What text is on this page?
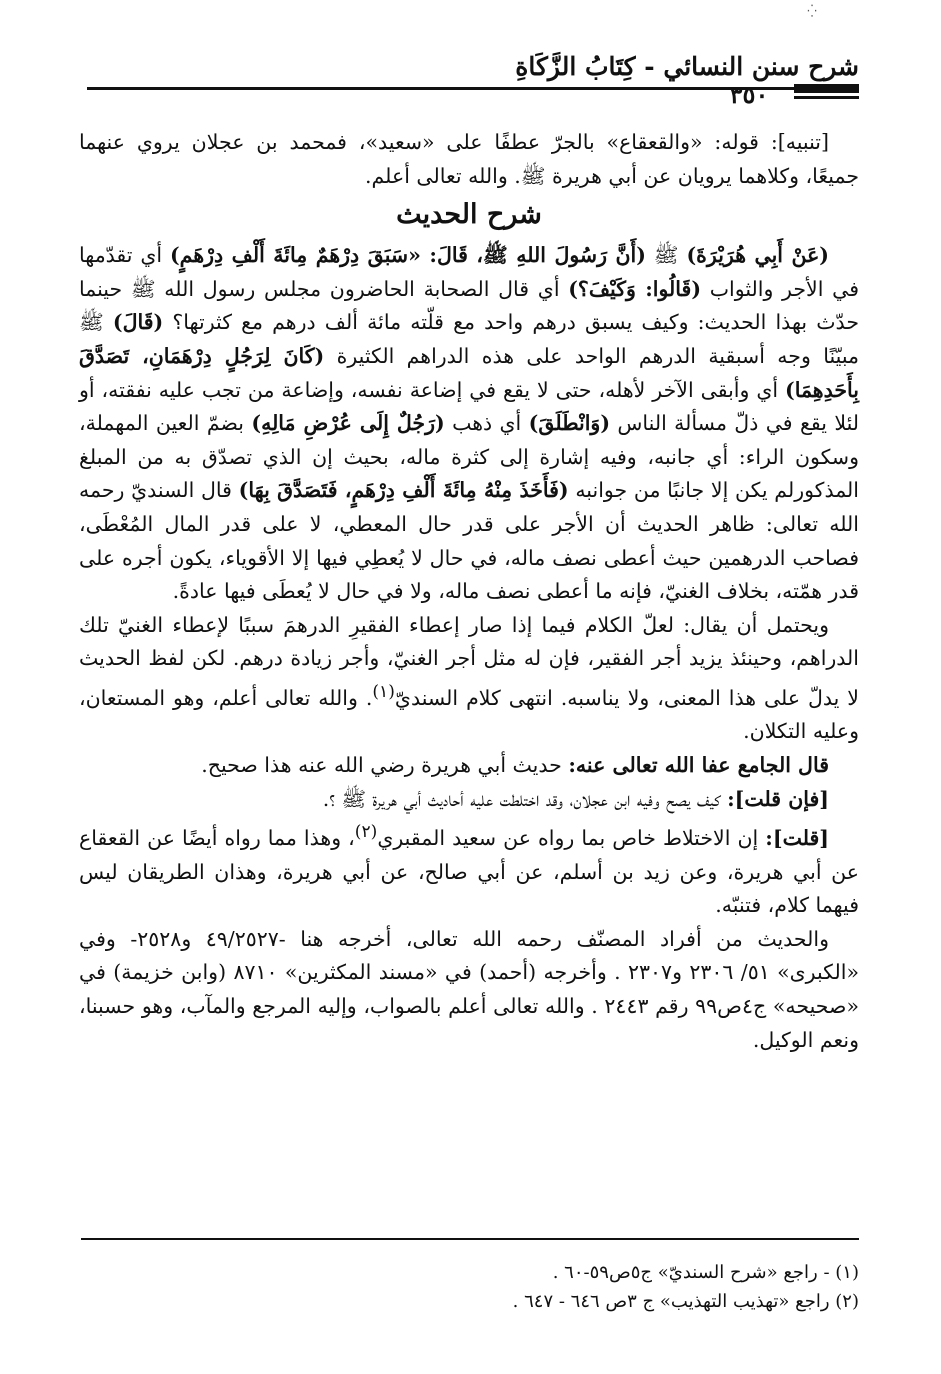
⁛
شرح سنن النسائي - كِتَابُ الزَّكَاةِ
٣٥٠

[تنبيه]: قوله: «والقعقاع» بالجرّ عطفًا على «سعيد»، فمحمد بن عجلان يروي عنهما جميعًا، وكلاهما يرويان عن أبي هريرة ﷺ. والله تعالى أعلم.

شرح الحديث

(عَنْ أَبِي هُرَيْرَةَ) ﷺ (أَنَّ رَسُولَ اللهِ ﷺ، قَالَ: «سَبَقَ دِرْهَمٌ مِائَةَ أَلْفِ دِرْهَمٍ) أي تقدّمها في الأجر والثواب (قَالُوا: وَكَيْفَ؟) أي قال الصحابة الحاضرون مجلس رسول الله ﷺ حينما حدّث بهذا الحديث: وكيف يسبق درهم واحد مع قلّته مائة ألف درهم مع كثرتها؟ (قَالَ) ﷺ مبيّنًا وجه أسبقية الدرهم الواحد على هذه الدراهم الكثيرة (كَانَ لِرَجُلٍ دِرْهَمَانِ، تَصَدَّقَ بِأَحَدِهِمَا) أي وأبقى الآخر لأهله، حتى لا يقع في إضاعة نفسه، وإضاعة من تجب عليه نفقته، أو لئلا يقع في ذلّ مسألة الناس (وَانْطَلَقَ) أي ذهب (رَجُلٌ إِلَى عُرْضِ مَالِهِ) بضمّ العين المهملة، وسكون الراء: أي جانبه، وفيه إشارة إلى كثرة ماله، بحيث إن الذي تصدّق به من المبلغ المذكورلم يكن إلا جانبًا من جوانبه (فَأَخَذَ مِنْهُ مِائَةَ أَلْفِ دِرْهَمٍ، فَتَصَدَّقَ بِهَا) قال السنديّ رحمه الله تعالى: ظاهر الحديث أن الأجر على قدر حال المعطي، لا على قدر المال المُعْطَى، فصاحب الدرهمين حيث أعطى نصف ماله، في حال لا يُعطِي فيها إلا الأقوياء، يكون أجره على قدر همّته، بخلاف الغنيّ، فإنه ما أعطى نصف ماله، ولا في حال لا يُعطَى فيها عادةً.

ويحتمل أن يقال: لعلّ الكلام فيما إذا صار إعطاء الفقيرِ الدرهمَ سببًا لإعطاء الغنيّ تلك الدراهم، وحينئذ يزيد أجر الفقير، فإن له مثل أجر الغنيّ، وأجر زيادة درهم. لكن لفظ الحديث لا يدلّ على هذا المعنى، ولا يناسبه. انتهى كلام السنديّ$^{(١)}$. والله تعالى أعلم، وهو المستعان، وعليه التكلان.

قال الجامع عفا الله تعالى عنه: حديث أبي هريرة رضي الله عنه هذا صحيح.

[فإن قلت]: كيف يصح وفيه ابن عجلان، وقد اختلطت عليه أحاديث أبي هريرة ﷺ ؟.

[قلت]: إن الاختلاط خاص بما رواه عن سعيد المقبري$^{(٢)}$، وهذا مما رواه أيضًا عن القعقاع عن أبي هريرة، وعن زيد بن أسلم، عن أبي صالح، عن أبي هريرة، وهذان الطريقان ليس فيهما كلام، فتنبّه.

والحديث من أفراد المصنّف رحمه الله تعالى، أخرجه هنا -٤٩/٢٥٢٧ و٢٥٢٨- وفي «الكبرى» ٥١/ ٢٣٠٦ و٢٣٠٧ . وأخرجه (أحمد) في «مسند المكثرين» ٨٧١٠ (وابن خزيمة) في «صحيحه» ج٤ص٩٩ رقم ٢٤٤٣ . والله تعالى أعلم بالصواب، وإليه المرجع والمآب، وهو حسبنا، ونعم الوكيل.

(١) - راجع «شرح السنديّ» ج٥ص٥٩-٦٠ .
(٢) راجع «تهذيب التهذيب» ج ٣ص ٦٤٦ - ٦٤٧ .
